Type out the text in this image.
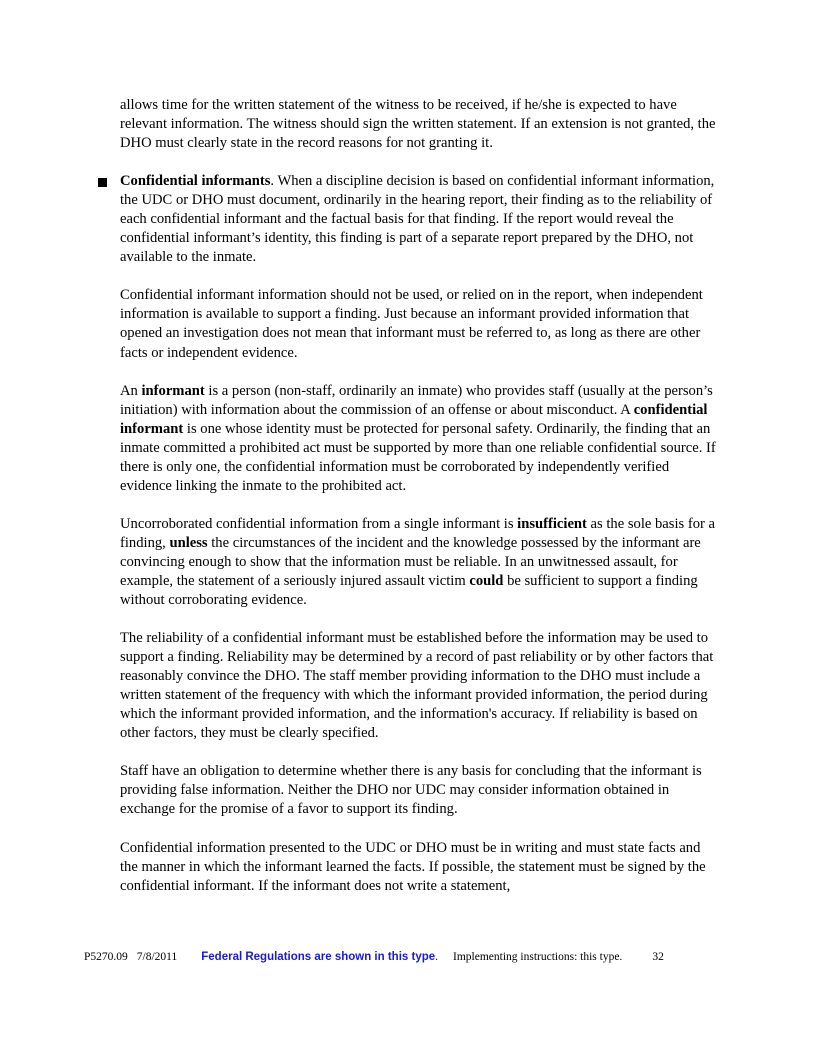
allows time for the written statement of the witness to be received, if he/she is expected to have relevant information. The witness should sign the written statement. If an extension is not granted, the DHO must clearly state in the record reasons for not granting it.

Confidential informants. When a discipline decision is based on confidential informant information, the UDC or DHO must document, ordinarily in the hearing report, their finding as to the reliability of each confidential informant and the factual basis for that finding. If the report would reveal the confidential informant’s identity, this finding is part of a separate report prepared by the DHO, not available to the inmate.

Confidential informant information should not be used, or relied on in the report, when independent information is available to support a finding. Just because an informant provided information that opened an investigation does not mean that informant must be referred to, as long as there are other facts or independent evidence.

An informant is a person (non-staff, ordinarily an inmate) who provides staff (usually at the person’s initiation) with information about the commission of an offense or about misconduct. A confidential informant is one whose identity must be protected for personal safety. Ordinarily, the finding that an inmate committed a prohibited act must be supported by more than one reliable confidential source. If there is only one, the confidential information must be corroborated by independently verified evidence linking the inmate to the prohibited act.

Uncorroborated confidential information from a single informant is insufficient as the sole basis for a finding, unless the circumstances of the incident and the knowledge possessed by the informant are convincing enough to show that the information must be reliable. In an unwitnessed assault, for example, the statement of a seriously injured assault victim could be sufficient to support a finding without corroborating evidence.

The reliability of a confidential informant must be established before the information may be used to support a finding. Reliability may be determined by a record of past reliability or by other factors that reasonably convince the DHO. The staff member providing information to the DHO must include a written statement of the frequency with which the informant provided information, the period during which the informant provided information, and the information's accuracy. If reliability is based on other factors, they must be clearly specified.

Staff have an obligation to determine whether there is any basis for concluding that the informant is providing false information. Neither the DHO nor UDC may consider information obtained in exchange for the promise of a favor to support its finding.

Confidential information presented to the UDC or DHO must be in writing and must state facts and the manner in which the informant learned the facts. If possible, the statement must be signed by the confidential informant. If the informant does not write a statement,

P5270.09 7/8/2011 Federal Regulations are shown in this type . Implementing instructions: this type.	32
